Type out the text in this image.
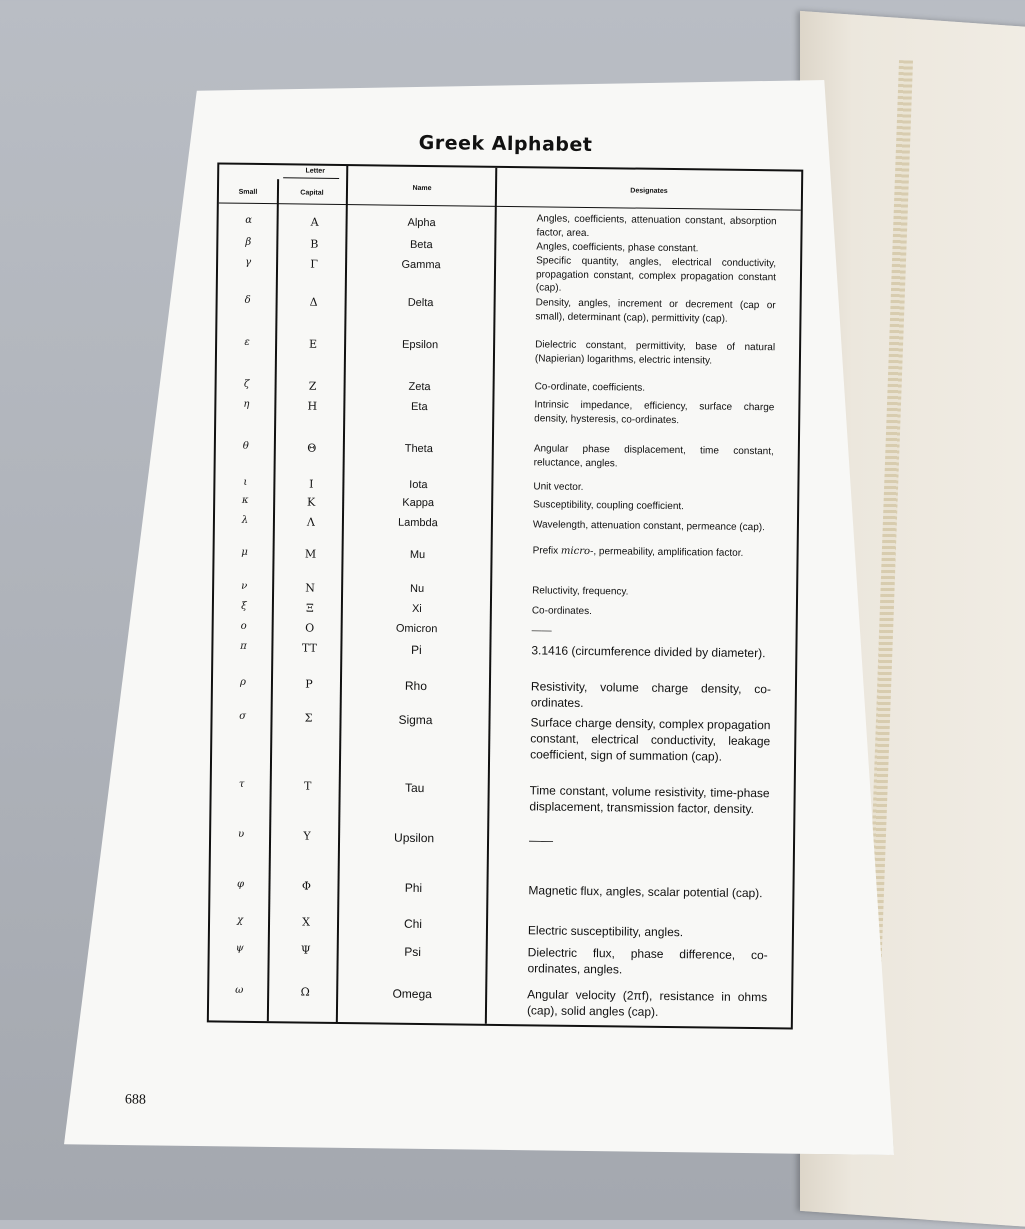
Greek Alphabet
Letter
Small	Capital
Name	Designates
α	A	Alpha	Angles, coefficients, attenuation constant, absorption factor, area.
β	B	Beta	Angles, coefficients, phase constant.
γ	Γ	Gamma	Specific quantity, angles, electrical conductivity, propagation constant, complex propagation constant (cap).
δ	Δ	Delta	Density, angles, increment or decrement (cap or small), determinant (cap), permittivity (cap).
ε	E	Epsilon	Dielectric constant, permittivity, base of natural (Napierian) logarithms, electric intensity.
ζ	Z	Zeta	Co-ordinate, coefficients.
η	H	Eta	Intrinsic impedance, efficiency, surface charge density, hysteresis, co-ordinates.
θ	Θ	Theta	Angular phase displacement, time constant, reluctance, angles.
ι	I	Iota	Unit vector.
κ	K	Kappa	Susceptibility, coupling coefficient.
λ	Λ	Lambda	Wavelength, attenuation constant, permeance (cap).
μ	M	Mu	Prefix micro-, permeability, amplification factor.
ν	N	Nu	Reluctivity, frequency.
ξ	Ξ	Xi	Co-ordinates.
ο	O	Omicron	——
π	TT	Pi	3.1416 (circumference divided by diameter).
ρ	P	Rho	Resistivity, volume charge density, co-ordinates.
σ	Σ	Sigma	Surface charge density, complex propagation constant, electrical conductivity, leakage coefficient, sign of summation (cap).
τ	T	Tau	Time constant, volume resistivity, time-phase displacement, transmission factor, density.
υ	Υ	Upsilon	——
φ	Φ	Phi	Magnetic flux, angles, scalar potential (cap).
χ	X	Chi	Electric susceptibility, angles.
ψ	Ψ	Psi	Dielectric flux, phase difference, co-ordinates, angles.
ω	Ω	Omega	Angular velocity (2πf), resistance in ohms (cap), solid angles (cap).
688
